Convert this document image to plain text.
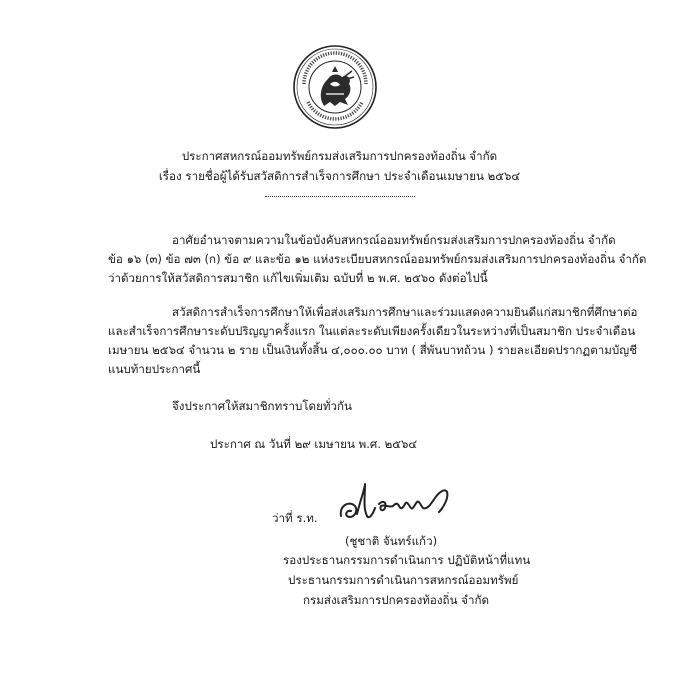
ประกาศสหกรณ์ออมทรัพย์กรมส่งเสริมการปกครองท้องถิ่น จำกัด
เรื่อง รายชื่อผู้ได้รับสวัสดิการสำเร็จการศึกษา ประจำเดือนเมษายน ๒๕๖๔
อาศัยอำนาจตามความในข้อบังคับสหกรณ์ออมทรัพย์กรมส่งเสริมการปกครองท้องถิ่น จำกัด
ข้อ ๑๖ (๓) ข้อ ๗๓ (ก) ข้อ ๙ และข้อ ๑๒ แห่งระเบียบสหกรณ์ออมทรัพย์กรมส่งเสริมการปกครองท้องถิ่น จำกัด
ว่าด้วยการให้สวัสดิการสมาชิก แก้ไขเพิ่มเติม ฉบับที่ ๒ พ.ศ. ๒๕๖๐ ดังต่อไปนี้
สวัสดิการสำเร็จการศึกษาให้เพื่อส่งเสริมการศึกษาและร่วมแสดงความยินดีแก่สมาชิกที่ศึกษาต่อ
และสำเร็จการศึกษาระดับปริญญาครั้งแรก ในแต่ละระดับเพียงครั้งเดียวในระหว่างที่เป็นสมาชิก ประจำเดือน
เมษายน ๒๕๖๔ จำนวน ๒ ราย เป็นเงินทั้งสิ้น ๔,๐๐๐.๐๐ บาท ( สี่พันบาทถ้วน ) รายละเอียดปรากฏตามบัญชี
แนบท้ายประกาศนี้
จึงประกาศให้สมาชิกทราบโดยทั่วกัน
ประกาศ ณ วันที่ ๒๙ เมษายน พ.ศ. ๒๕๖๔
ว่าที่ ร.ท.
(ชูชาติ จันทร์แก้ว)
รองประธานกรรมการดำเนินการ ปฏิบัติหน้าที่แทน
ประธานกรรมการดำเนินการสหกรณ์ออมทรัพย์
กรมส่งเสริมการปกครองท้องถิ่น จำกัด
